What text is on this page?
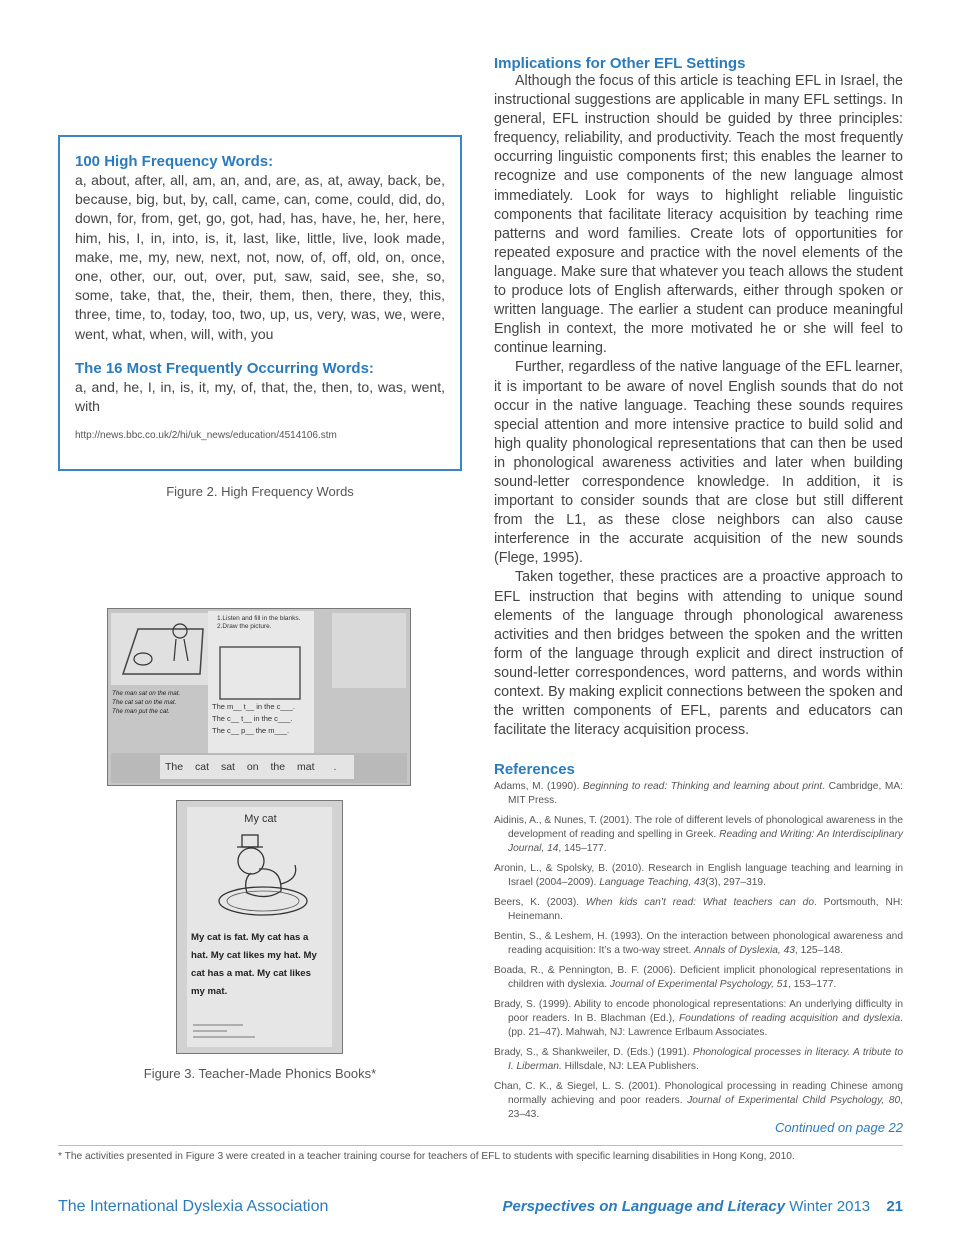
100 High Frequency Words:

a, about, after, all, am, an, and, are, as, at, away, back, be, because, big, but, by, call, came, can, come, could, did, do, down, for, from, get, go, got, had, has, have, he, her, here, him, his, I, in, into, is, it, last, like, little, live, look made, make, me, my, new, next, not, now, of, off, old, on, once, one, other, our, out, over, put, saw, said, see, she, so, some, take, that, the, their, them, then, there, they, this, three, time, to, today, too, two, up, us, very, was, we, were, went, what, when, will, with, you

The 16 Most Frequently Occurring Words:

a, and, he, I, in, is, it, my, of, that, the, then, to, was, went, with

http://news.bbc.co.uk/2/hi/uk_news/education/4514106.stm
Figure 2. High Frequency Words
1.Listen and fill in the blanks.
2.Draw the picture.
The man sat on the mat.
The cat sat on the mat.
The man put the cat.
The m__ t__ in the c___.
The c__ t__ in the c___.
The c__ p__ the m___.
The cat sat on the mat .
My cat
My cat is fat. My cat has a
hat. My cat likes my hat. My
cat has a mat. My cat likes
my mat.
Figure 3. Teacher-Made Phonics Books*
Implications for Other EFL Settings

Although the focus of this article is teaching EFL in Israel, the instructional suggestions are applicable in many EFL settings. In general, EFL instruction should be guided by three principles: frequency, reliability, and productivity. Teach the most frequently occurring linguistic components first; this enables the learner to recognize and use components of the new language almost immediately. Look for ways to highlight reliable linguistic components that facilitate literacy acquisition by teaching rime patterns and word families. Create lots of opportunities for repeated exposure and practice with the novel elements of the language. Make sure that whatever you teach allows the student to produce lots of English afterwards, either through spoken or written language. The earlier a student can produce meaningful English in context, the more motivated he or she will feel to continue learning.

Further, regardless of the native language of the EFL learner, it is important to be aware of novel English sounds that do not occur in the native language. Teaching these sounds requires special attention and more intensive practice to build solid and high quality phonological representations that can then be used in phonological awareness activities and later when building sound-letter correspondence knowledge. In addition, it is important to consider sounds that are close but still different from the L1, as these close neighbors can also cause interference in the accurate acquisition of the new sounds (Flege, 1995).

Taken together, these practices are a proactive approach to EFL instruction that begins with attending to unique sound elements of the language through phonological awareness activities and then bridges between the spoken and the written form of the language through explicit and direct instruction of sound-letter correspondences, word patterns, and words within context. By making explicit connections between the spoken and the written components of EFL, parents and educators can facilitate the literacy acquisition process.

References
Adams, M. (1990). Beginning to read: Thinking and learning about print. Cambridge, MA: MIT Press.
Aidinis, A., & Nunes, T. (2001). The role of different levels of phonological awareness in the development of reading and spelling in Greek. Reading and Writing: An Interdisciplinary Journal, 14, 145–177.
Aronin, L., & Spolsky, B. (2010). Research in English language teaching and learning in Israel (2004–2009). Language Teaching, 43(3), 297–319.
Beers, K. (2003). When kids can’t read: What teachers can do. Portsmouth, NH: Heinemann.
Bentin, S., & Leshem, H. (1993). On the interaction between phonological awareness and reading acquisition: It’s a two-way street. Annals of Dyslexia, 43, 125–148.
Boada, R., & Pennington, B. F. (2006). Deficient implicit phonological representations in children with dyslexia. Journal of Experimental Psychology, 51, 153–177.
Brady, S. (1999). Ability to encode phonological representations: An underlying difficulty in poor readers. In B. Blachman (Ed.), Foundations of reading acquisition and dyslexia. (pp. 21–47). Mahwah, NJ: Lawrence Erlbaum Associates.
Brady, S., & Shankweiler, D. (Eds.) (1991). Phonological processes in literacy. A tribute to I. Liberman. Hillsdale, NJ: LEA Publishers.
Chan, C. K., & Siegel, L. S. (2001). Phonological processing in reading Chinese among normally achieving and poor readers. Journal of Experimental Child Psychology, 80, 23–43.
Continued on page 22
* The activities presented in Figure 3 were created in a teacher training course for teachers of EFL to students with specific learning disabilities in Hong Kong, 2010.
The International Dyslexia Association	Perspectives on Language and Literacy Winter 2013 21
